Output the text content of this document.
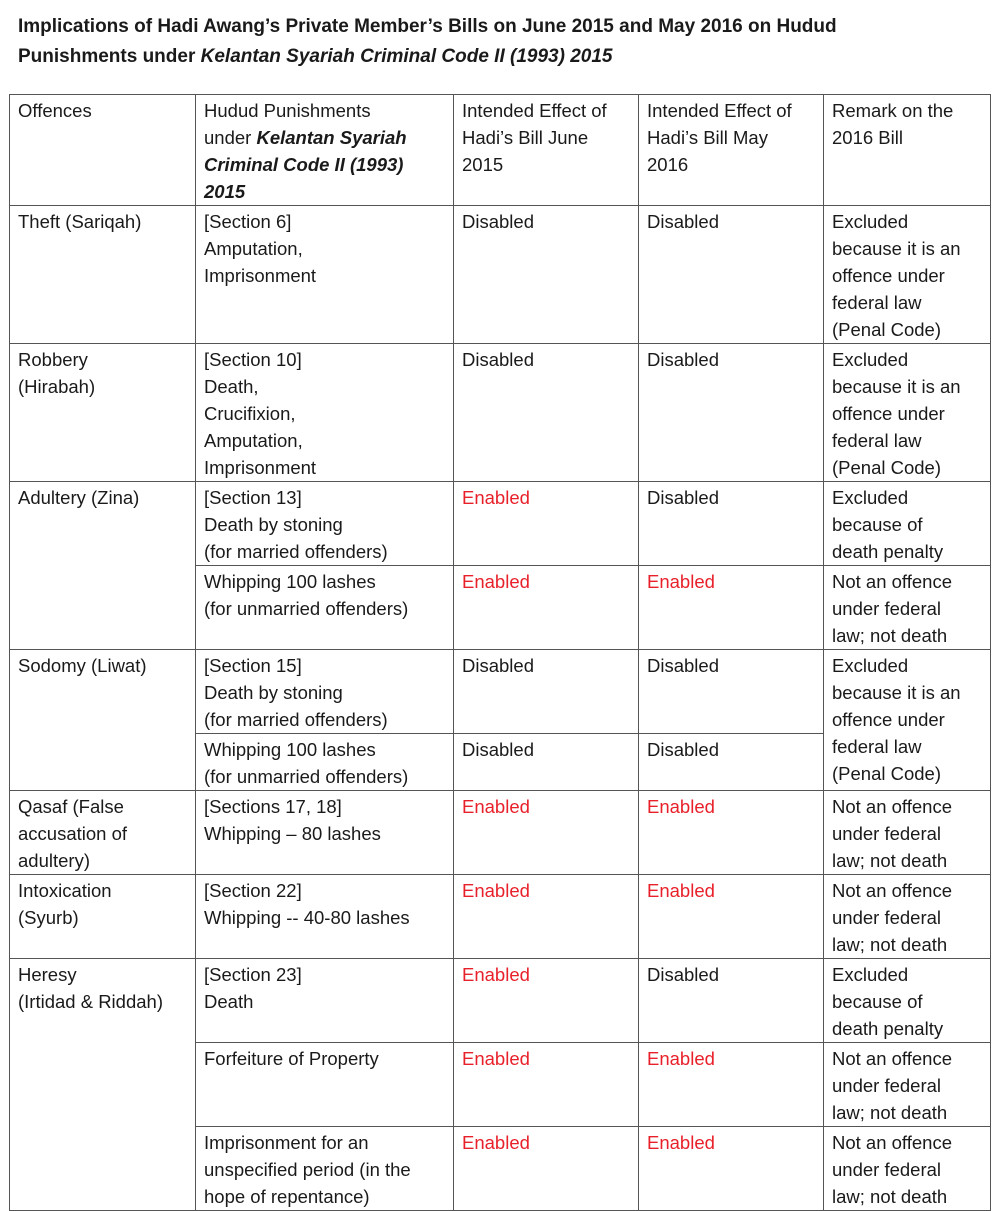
Implications of Hadi Awang’s Private Member’s Bills on June 2015 and May 2016 on Hudud
Punishments under Kelantan Syariah Criminal Code II (1993) 2015
Offences	Hudud Punishments
under Kelantan Syariah
Criminal Code II (1993)
2015	Intended Effect of
Hadi’s Bill June
2015	Intended Effect of
Hadi’s Bill May
2016	Remark on the
2016 Bill

Theft (Sariqah)	[Section 6]
Amputation,
Imprisonment	Disabled	Disabled	Excluded
because it is an
offence under
federal law
(Penal Code)

Robbery
(Hirabah)	[Section 10]
Death,
Crucifixion,
Amputation,
Imprisonment	Disabled	Disabled	Excluded
because it is an
offence under
federal law
(Penal Code)

Adultery (Zina)	[Section 13]
Death by stoning
(for married offenders)	Enabled	Disabled	Excluded
because of
death penalty

	Whipping 100 lashes
(for unmarried offenders)	Enabled	Enabled	Not an offence
under federal
law; not death

Sodomy (Liwat)	[Section 15]
Death by stoning
(for married offenders)	Disabled	Disabled	Excluded
because it is an
offence under
federal law
(Penal Code)

	Whipping 100 lashes
(for unmarried offenders)	Disabled	Disabled	

Qasaf (False
accusation of
adultery)	[Sections 17, 18]
Whipping – 80 lashes	Enabled	Enabled	Not an offence
under federal
law; not death

Intoxication
(Syurb)	[Section 22]
Whipping -- 40-80 lashes	Enabled	Enabled	Not an offence
under federal
law; not death

Heresy
(Irtidad & Riddah)	[Section 23]
Death	Enabled	Disabled	Excluded
because of
death penalty

	Forfeiture of Property	Enabled	Enabled	Not an offence
under federal
law; not death

	Imprisonment for an
unspecified period (in the
hope of repentance)	Enabled	Enabled	Not an offence
under federal
law; not death
